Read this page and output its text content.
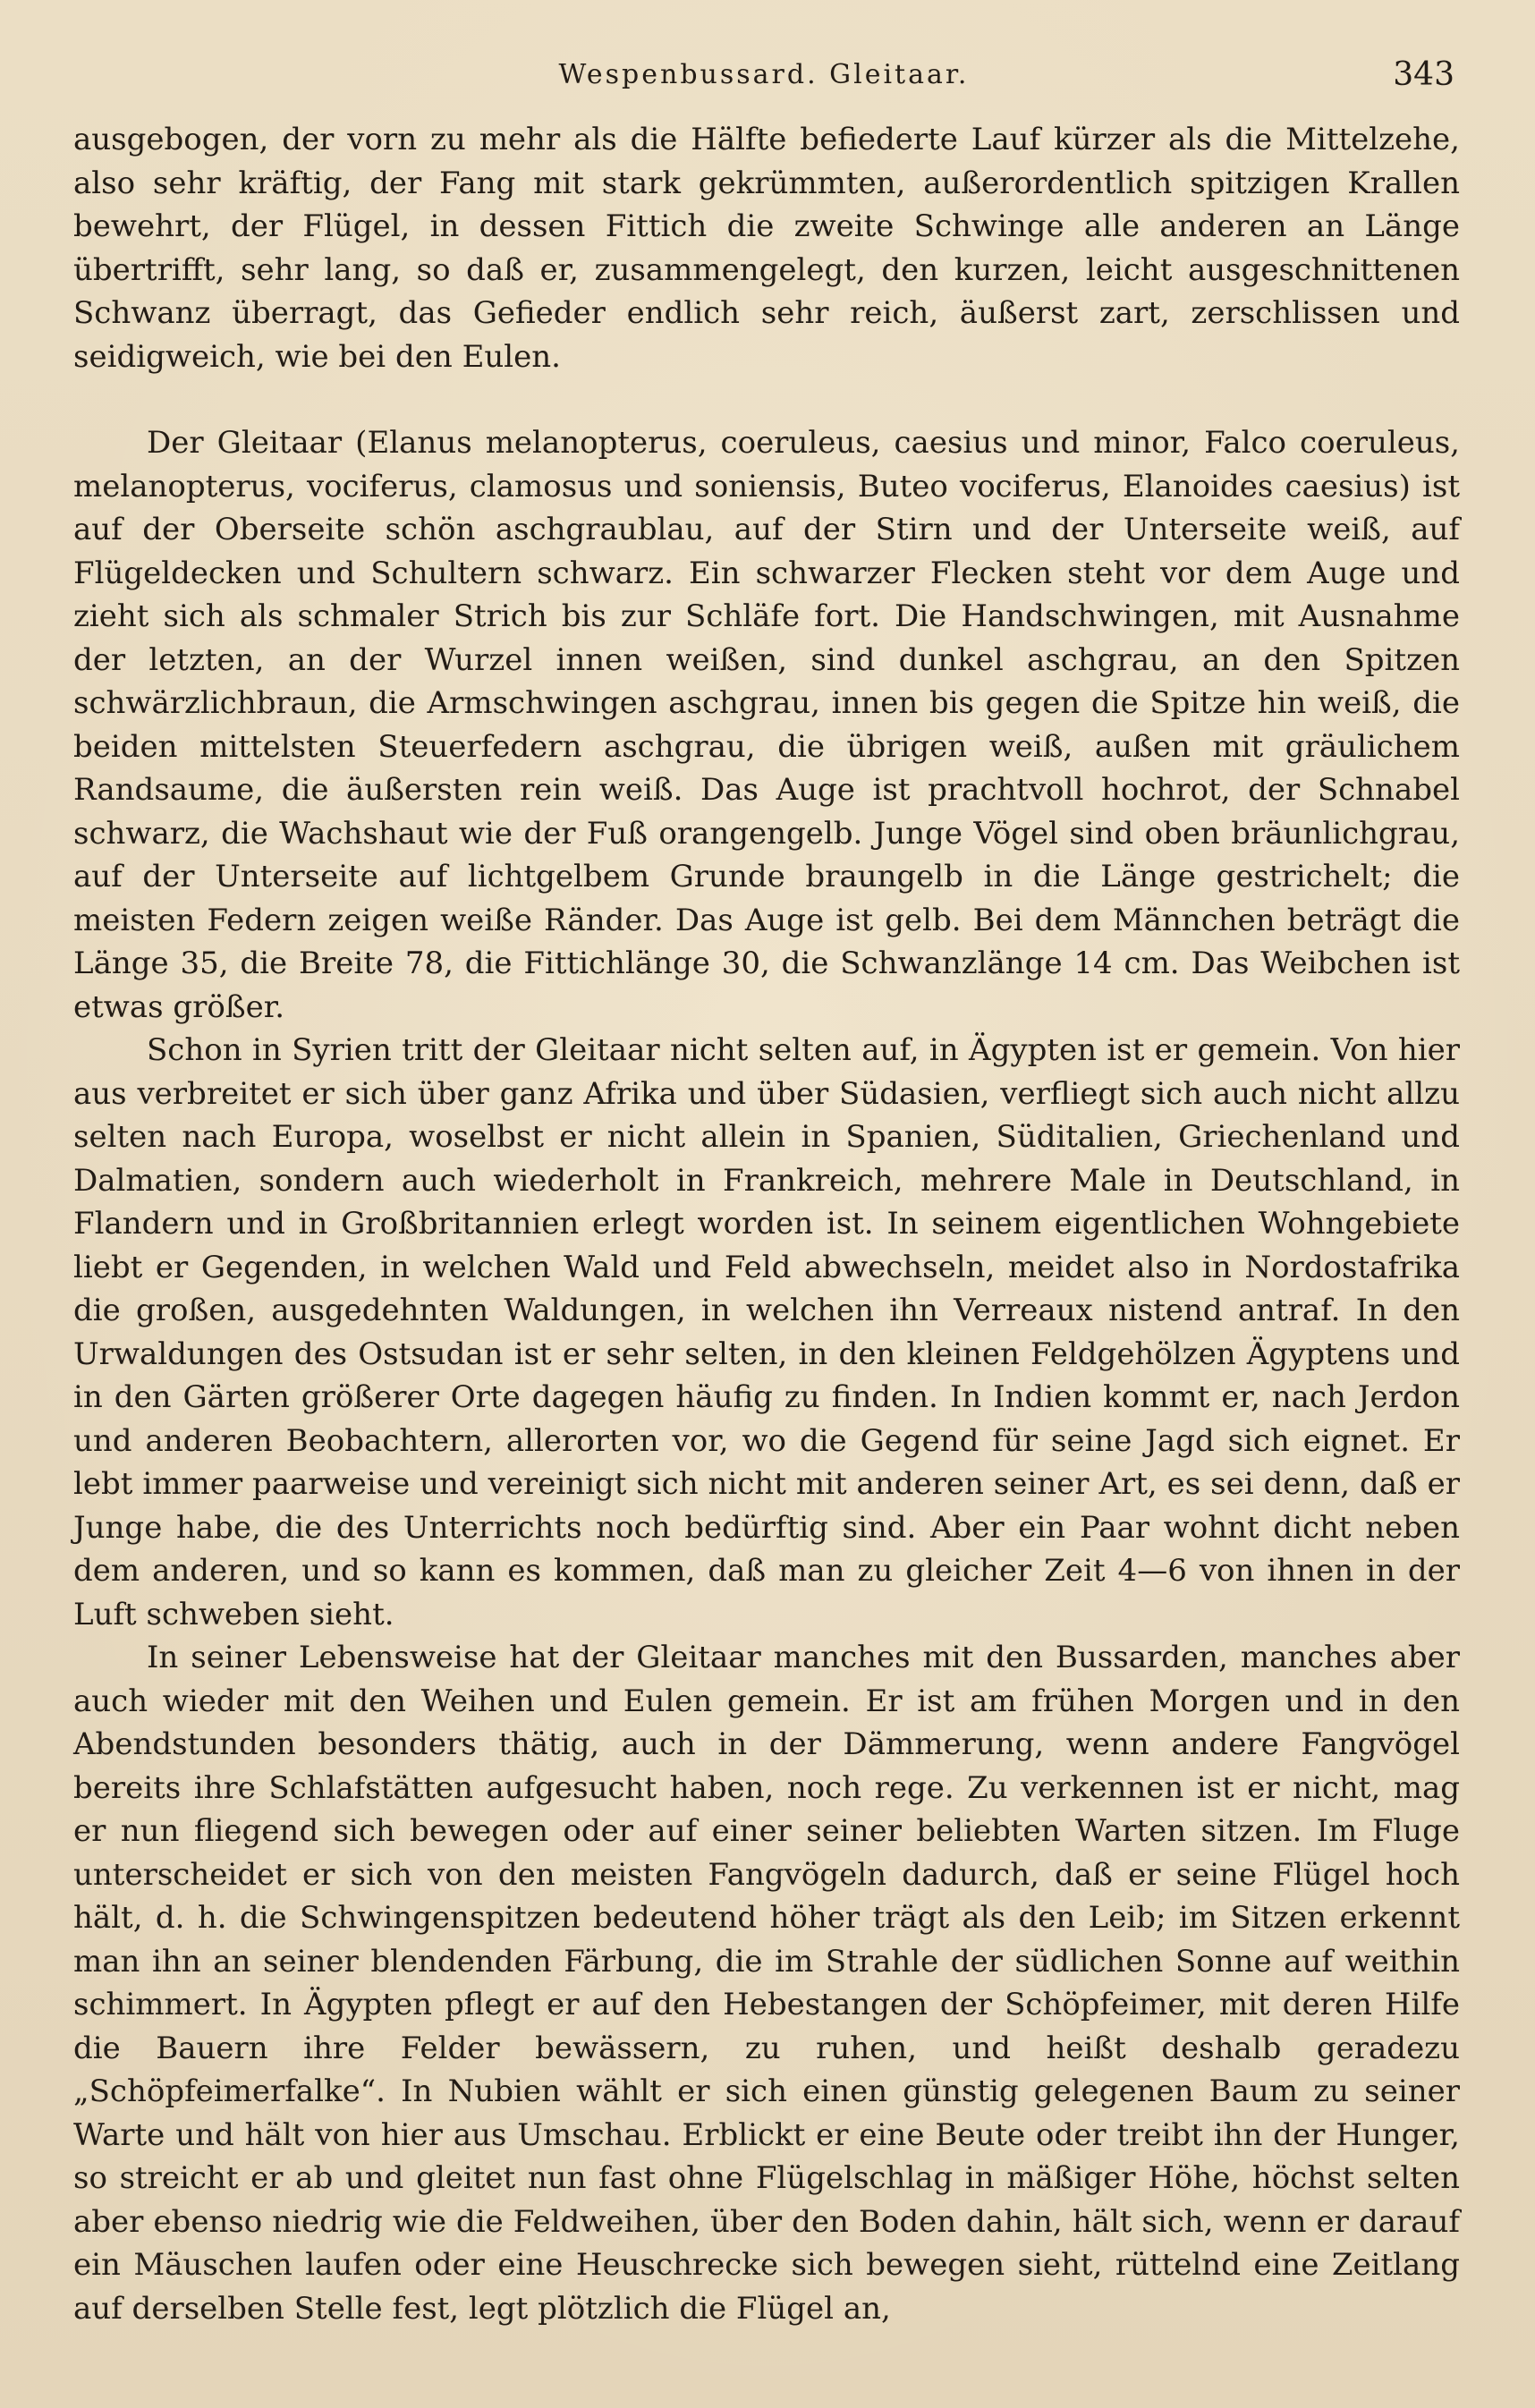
Wespenbussard. Gleitaar.	343

ausgebogen, der vorn zu mehr als die Hälfte befiederte Lauf kürzer als die Mittelzehe, also sehr kräftig, der Fang mit stark gekrümmten, außerordentlich spitzigen Krallen bewehrt, der Flügel, in dessen Fittich die zweite Schwinge alle anderen an Länge übertrifft, sehr lang, so daß er, zusammengelegt, den kurzen, leicht ausgeschnittenen Schwanz überragt, das Gefieder endlich sehr reich, äußerst zart, zerschlissen und seidigweich, wie bei den Eulen.

Der Gleitaar (Elanus melanopterus, coeruleus, caesius und minor, Falco coeruleus, melanopterus, vociferus, clamosus und soniensis, Buteo vociferus, Elanoides caesius) ist auf der Oberseite schön aschgraublau, auf der Stirn und der Unterseite weiß, auf Flügeldecken und Schultern schwarz. Ein schwarzer Flecken steht vor dem Auge und zieht sich als schmaler Strich bis zur Schläfe fort. Die Handschwingen, mit Ausnahme der letzten, an der Wurzel innen weißen, sind dunkel aschgrau, an den Spitzen schwärzlichbraun, die Armschwingen aschgrau, innen bis gegen die Spitze hin weiß, die beiden mittelsten Steuerfedern aschgrau, die übrigen weiß, außen mit gräulichem Randsaume, die äußersten rein weiß. Das Auge ist prachtvoll hochrot, der Schnabel schwarz, die Wachshaut wie der Fuß orangengelb. Junge Vögel sind oben bräunlichgrau, auf der Unterseite auf lichtgelbem Grunde braungelb in die Länge gestrichelt; die meisten Federn zeigen weiße Ränder. Das Auge ist gelb. Bei dem Männchen beträgt die Länge 35, die Breite 78, die Fittichlänge 30, die Schwanzlänge 14 cm. Das Weibchen ist etwas größer.

Schon in Syrien tritt der Gleitaar nicht selten auf, in Ägypten ist er gemein. Von hier aus verbreitet er sich über ganz Afrika und über Südasien, verfliegt sich auch nicht allzu selten nach Europa, woselbst er nicht allein in Spanien, Süditalien, Griechenland und Dalmatien, sondern auch wiederholt in Frankreich, mehrere Male in Deutschland, in Flandern und in Großbritannien erlegt worden ist. In seinem eigentlichen Wohngebiete liebt er Gegenden, in welchen Wald und Feld abwechseln, meidet also in Nordostafrika die großen, ausgedehnten Waldungen, in welchen ihn Verreaux nistend antraf. In den Urwaldungen des Ostsudan ist er sehr selten, in den kleinen Feldgehölzen Ägyptens und in den Gärten größerer Orte dagegen häufig zu finden. In Indien kommt er, nach Jerdon und anderen Beobachtern, allerorten vor, wo die Gegend für seine Jagd sich eignet. Er lebt immer paarweise und vereinigt sich nicht mit anderen seiner Art, es sei denn, daß er Junge habe, die des Unterrichts noch bedürftig sind. Aber ein Paar wohnt dicht neben dem anderen, und so kann es kommen, daß man zu gleicher Zeit 4—6 von ihnen in der Luft schweben sieht.

In seiner Lebensweise hat der Gleitaar manches mit den Bussarden, manches aber auch wieder mit den Weihen und Eulen gemein. Er ist am frühen Morgen und in den Abendstunden besonders thätig, auch in der Dämmerung, wenn andere Fangvögel bereits ihre Schlafstätten aufgesucht haben, noch rege. Zu verkennen ist er nicht, mag er nun fliegend sich bewegen oder auf einer seiner beliebten Warten sitzen. Im Fluge unterscheidet er sich von den meisten Fangvögeln dadurch, daß er seine Flügel hoch hält, d. h. die Schwingenspitzen bedeutend höher trägt als den Leib; im Sitzen erkennt man ihn an seiner blendenden Färbung, die im Strahle der südlichen Sonne auf weithin schimmert. In Ägypten pflegt er auf den Hebestangen der Schöpfeimer, mit deren Hilfe die Bauern ihre Felder bewässern, zu ruhen, und heißt deshalb geradezu „Schöpfeimerfalke“. In Nubien wählt er sich einen günstig gelegenen Baum zu seiner Warte und hält von hier aus Umschau. Erblickt er eine Beute oder treibt ihn der Hunger, so streicht er ab und gleitet nun fast ohne Flügelschlag in mäßiger Höhe, höchst selten aber ebenso niedrig wie die Feldweihen, über den Boden dahin, hält sich, wenn er darauf ein Mäuschen laufen oder eine Heuschrecke sich bewegen sieht, rüttelnd eine Zeitlang auf derselben Stelle fest, legt plötzlich die Flügel an,
